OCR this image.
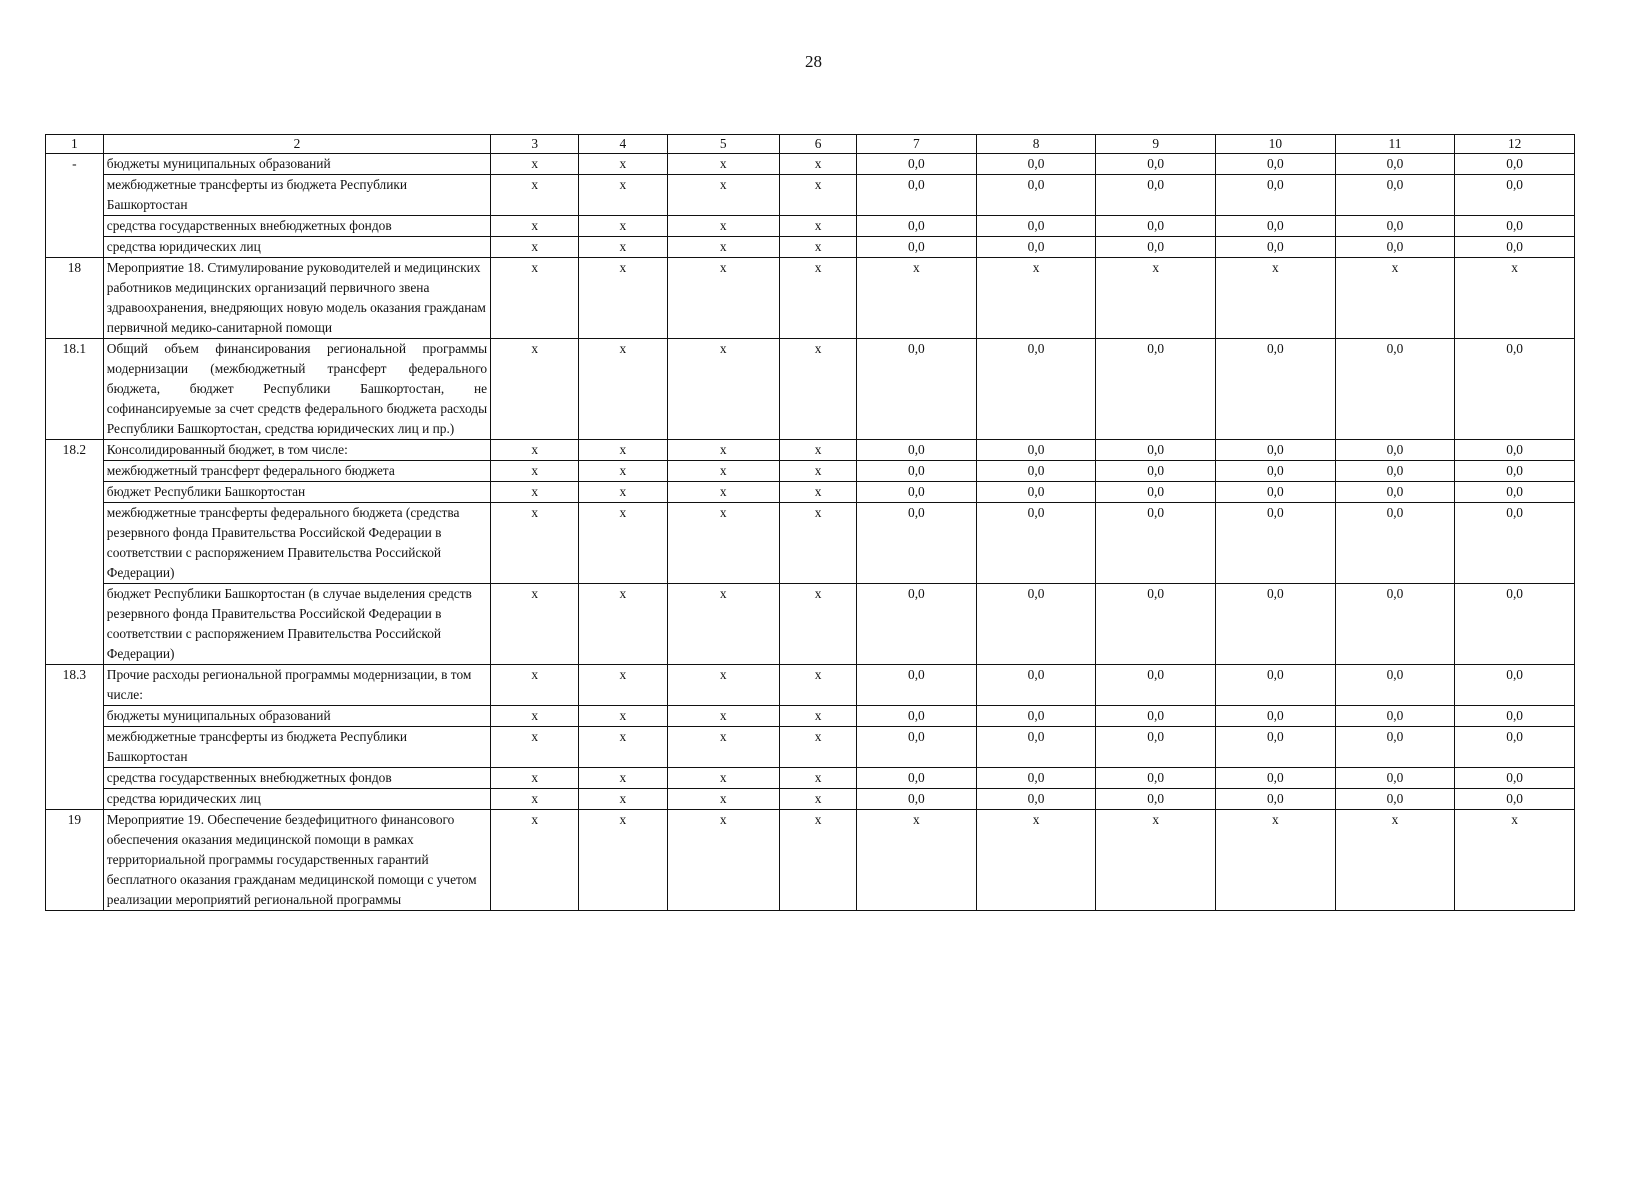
28
1	2	3	4	5	6	7	8	9	10	11	12
-	бюджеты муниципальных образований	x	x	x	x	0,0	0,0	0,0	0,0	0,0	0,0
	межбюджетные трансферты из бюджета Республики Башкортостан	x	x	x	x	0,0	0,0	0,0	0,0	0,0	0,0
	средства государственных внебюджетных фондов	x	x	x	x	0,0	0,0	0,0	0,0	0,0	0,0
	средства юридических лиц	x	x	x	x	0,0	0,0	0,0	0,0	0,0	0,0
18	Мероприятие 18. Стимулирование руководителей и медицинских работников медицинских организаций первичного звена здравоохранения, внедряющих новую модель оказания гражданам первичной медико-санитарной помощи	x	x	x	x	x	x	x	x	x	x
18.1	Общий объем финансирования региональной программы модернизации (межбюджетный трансферт федерального бюджета, бюджет Республики Башкортостан, не софинансируемые за счет средств федерального бюджета расходы Республики Башкортостан, средства юридических лиц и пр.)	x	x	x	x	0,0	0,0	0,0	0,0	0,0	0,0
18.2	Консолидированный бюджет, в том числе:	x	x	x	x	0,0	0,0	0,0	0,0	0,0	0,0
	межбюджетный трансферт федерального бюджета	x	x	x	x	0,0	0,0	0,0	0,0	0,0	0,0
	бюджет Республики Башкортостан	x	x	x	x	0,0	0,0	0,0	0,0	0,0	0,0
	межбюджетные трансферты федерального бюджета (средства резервного фонда Правительства Российской Федерации в соответствии с распоряжением Правительства Российской Федерации)	x	x	x	x	0,0	0,0	0,0	0,0	0,0	0,0
	бюджет Республики Башкортостан (в случае выделения средств резервного фонда Правительства Российской Федерации в соответствии с распоряжением Правительства Российской Федерации)	x	x	x	x	0,0	0,0	0,0	0,0	0,0	0,0
18.3	Прочие расходы региональной программы модернизации, в том числе:	x	x	x	x	0,0	0,0	0,0	0,0	0,0	0,0
	бюджеты муниципальных образований	x	x	x	x	0,0	0,0	0,0	0,0	0,0	0,0
	межбюджетные трансферты из бюджета Республики Башкортостан	x	x	x	x	0,0	0,0	0,0	0,0	0,0	0,0
	средства государственных внебюджетных фондов	x	x	x	x	0,0	0,0	0,0	0,0	0,0	0,0
	средства юридических лиц	x	x	x	x	0,0	0,0	0,0	0,0	0,0	0,0
19	Мероприятие 19. Обеспечение бездефицитного финансового обеспечения оказания медицинской помощи в рамках территориальной программы государственных гарантий бесплатного оказания гражданам медицинской помощи с учетом реализации мероприятий региональной программы	x	x	x	x	x	x	x	x	x	x
